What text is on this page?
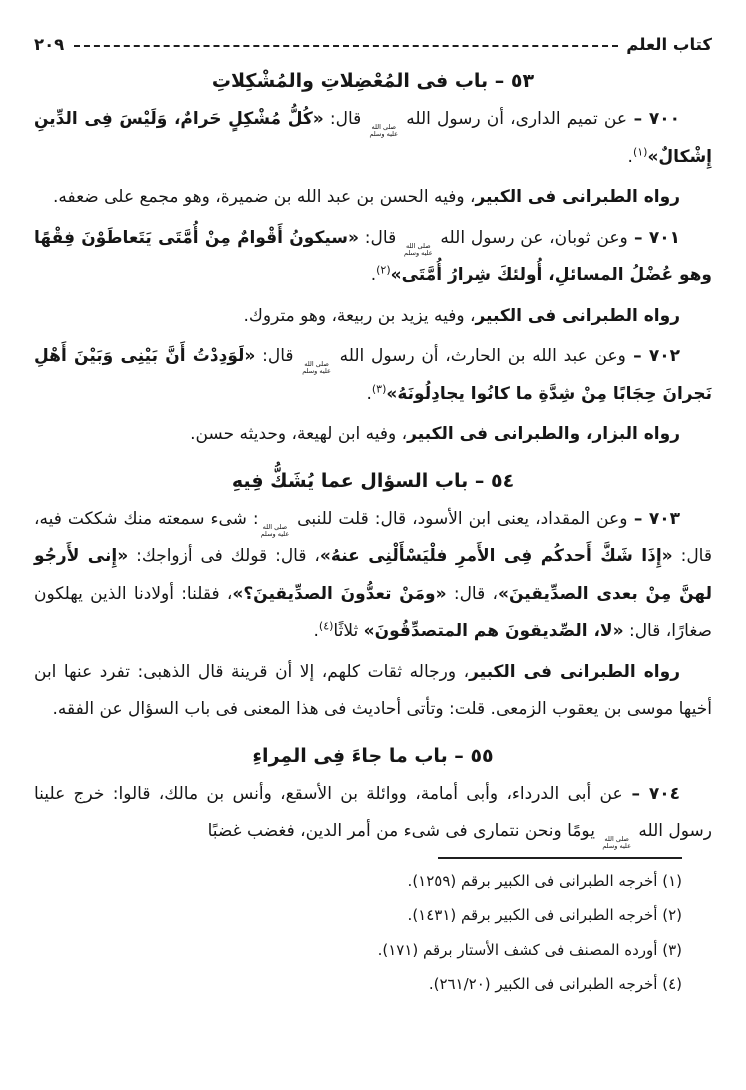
كتاب العلم
٢٠٩
٥٣ – باب فى المُعْضِلاتِ والمُشْكِلاتِ

٧٠٠ – عن تميم الدارى، أن رسول الله
صلى الله
عليه وسلم
قال: «كُلُّ مُشْكِلٍ حَرامٌ، وَلَيْسَ فِى الدِّينِ إِشْكالٌ»$^{(١)}$.

رواه الطبرانى فى الكبير، وفيه الحسن بن عبد الله بن ضميرة، وهو مجمع على ضعفه.

٧٠١ – وعن ثوبان، عن رسول الله
صلى الله
عليه وسلم
قال: «سيكونُ أَقْوامٌ مِنْ أُمَّتَى يَتَعاطَوْنَ فِقْهًا وهو عُضْلُ المسائلِ، أُولئكَ شِرارُ أُمَّتَى»$^{(٢)}$.

رواه الطبرانى فى الكبير، وفيه يزيد بن ربيعة، وهو متروك.

٧٠٢ – وعن عبد الله بن الحارث، أن رسول الله
صلى الله
عليه وسلم
قال: «لَوَدِدْتُ أَنَّ بَيْنِى وَبَيْنَ أَهْلِ نَجرانَ حِجَابًا مِنْ شِدَّةِ ما كانُوا يجادِلُونَهُ»$^{(٣)}$.

رواه البزار، والطبرانى فى الكبير، وفيه ابن لهيعة، وحديثه حسن.

٥٤ – باب السؤال عما يُشَكُّ فِيهِ

٧٠٣ – وعن المقداد، يعنى ابن الأسود، قال: قلت للنبى
صلى الله
عليه وسلم
: شىء سمعته منك شككت فيه، قال: «إِذَا شَكَّ أَحدكُم فِى الأَمرِ فلْيَسْأَلْنِى عنهُ»، قال: قولك فى أزواجك: «إِنى لأَرجُو لهنَّ مِنْ بعدى الصدِّيقينَ»، قال: «ومَنْ تعدُّونَ الصدِّيقينَ؟»، فقلنا: أولادنا الذين يهلكون صغارًا، قال: «لا، الصِّديقونَ هم المتصدِّقُونَ» ثلاثًا$^{(٤)}$.

رواه الطبرانى فى الكبير، ورجاله ثقات كلهم، إلا أن قرينة قال الذهبى: تفرد عنها ابن أخيها موسى بن يعقوب الزمعى. قلت: وتأتى أحاديث فى هذا المعنى فى باب السؤال عن الفقه.

٥٥ – باب ما جاءَ فِى المِراءِ

٧٠٤ – عن أبى الدرداء، وأبى أمامة، ووائلة بن الأسقع، وأنس بن مالك، قالوا: خرج علينا رسول الله
صلى الله
عليه وسلم
يومًا ونحن نتمارى فى شىء من أمر الدين، فغضب غضبًا

(١) أخرجه الطبرانى فى الكبير برقم (١٢٥٩).
(٢) أخرجه الطبرانى فى الكبير برقم (١٤٣١).
(٣) أورده المصنف فى كشف الأستار برقم (١٧١).
(٤) أخرجه الطبرانى فى الكبير (٢٦١/٢٠).
